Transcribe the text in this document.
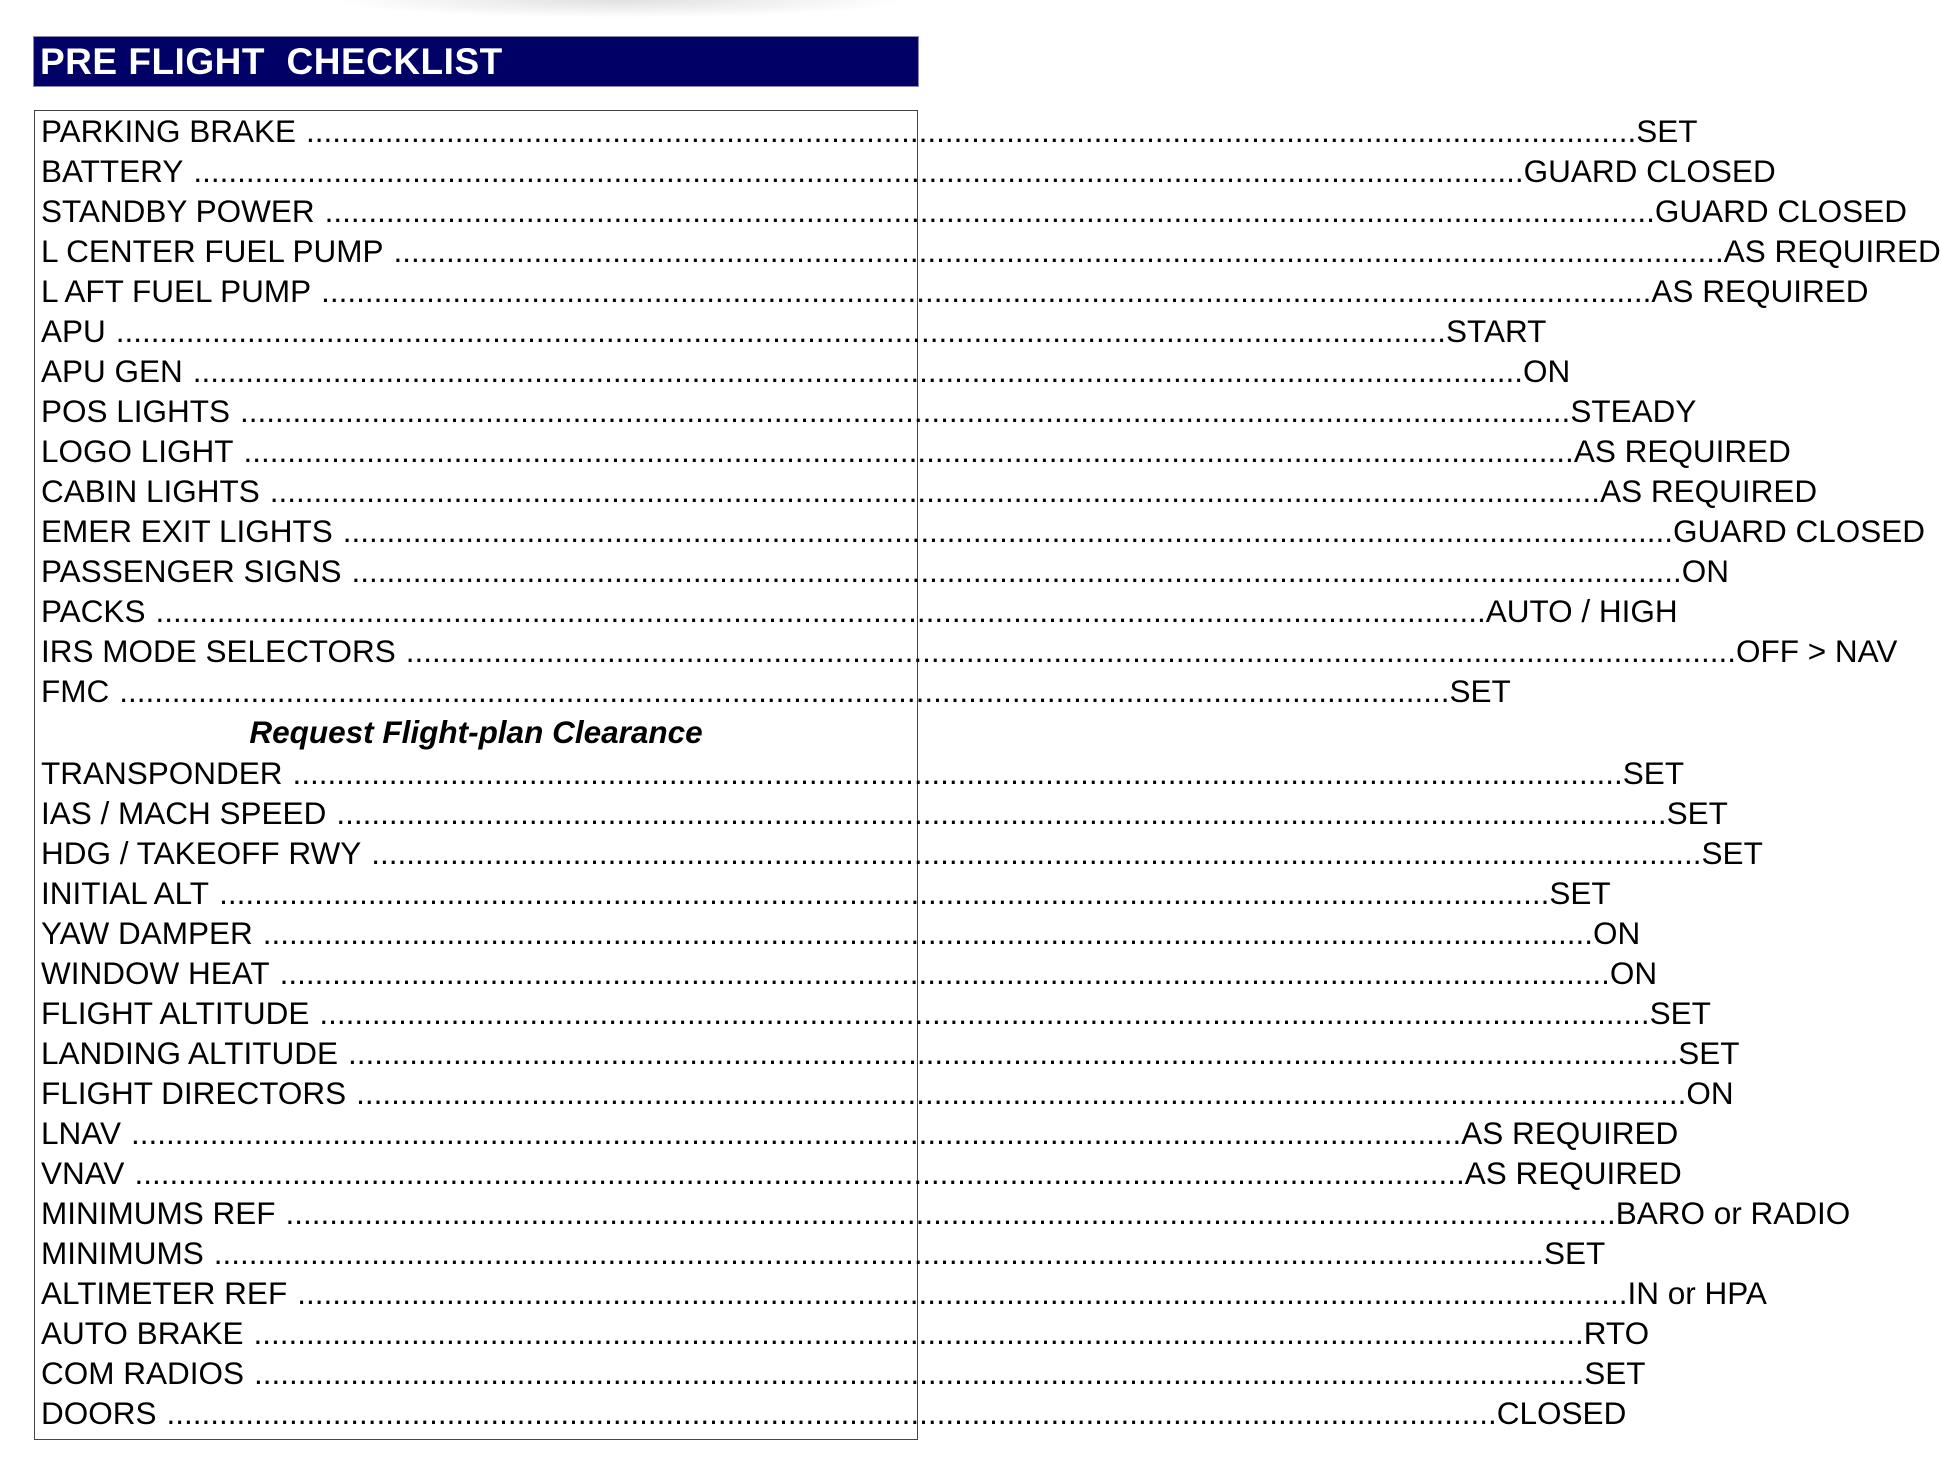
PRE FLIGHT  CHECKLIST
PARKING BRAKE ........................................................................................................................................................ SET
BATTERY ........................................................................................................................................................ GUARD CLOSED
STANDBY POWER ........................................................................................................................................................ GUARD CLOSED
L CENTER FUEL PUMP ........................................................................................................................................................ AS REQUIRED
L AFT FUEL PUMP ........................................................................................................................................................ AS REQUIRED
APU ........................................................................................................................................................ START
APU GEN ........................................................................................................................................................ ON
POS LIGHTS ........................................................................................................................................................ STEADY
LOGO LIGHT ........................................................................................................................................................ AS REQUIRED
CABIN LIGHTS ........................................................................................................................................................ AS REQUIRED
EMER EXIT LIGHTS ........................................................................................................................................................ GUARD CLOSED
PASSENGER SIGNS ........................................................................................................................................................ ON
PACKS ........................................................................................................................................................ AUTO / HIGH
IRS MODE SELECTORS ........................................................................................................................................................ OFF > NAV
FMC ........................................................................................................................................................ SET
Request Flight-plan Clearance
TRANSPONDER ........................................................................................................................................................ SET
IAS / MACH SPEED ........................................................................................................................................................ SET
HDG / TAKEOFF RWY ........................................................................................................................................................ SET
INITIAL ALT ........................................................................................................................................................ SET
YAW DAMPER ........................................................................................................................................................ ON
WINDOW HEAT ........................................................................................................................................................ ON
FLIGHT ALTITUDE ........................................................................................................................................................ SET
LANDING ALTITUDE ........................................................................................................................................................ SET
FLIGHT DIRECTORS ........................................................................................................................................................ ON
LNAV ........................................................................................................................................................ AS REQUIRED
VNAV ........................................................................................................................................................ AS REQUIRED
MINIMUMS REF ........................................................................................................................................................ BARO or RADIO
MINIMUMS ........................................................................................................................................................ SET
ALTIMETER REF ........................................................................................................................................................ IN or HPA
AUTO BRAKE ........................................................................................................................................................ RTO
COM RADIOS ........................................................................................................................................................ SET
DOORS ........................................................................................................................................................ CLOSED
